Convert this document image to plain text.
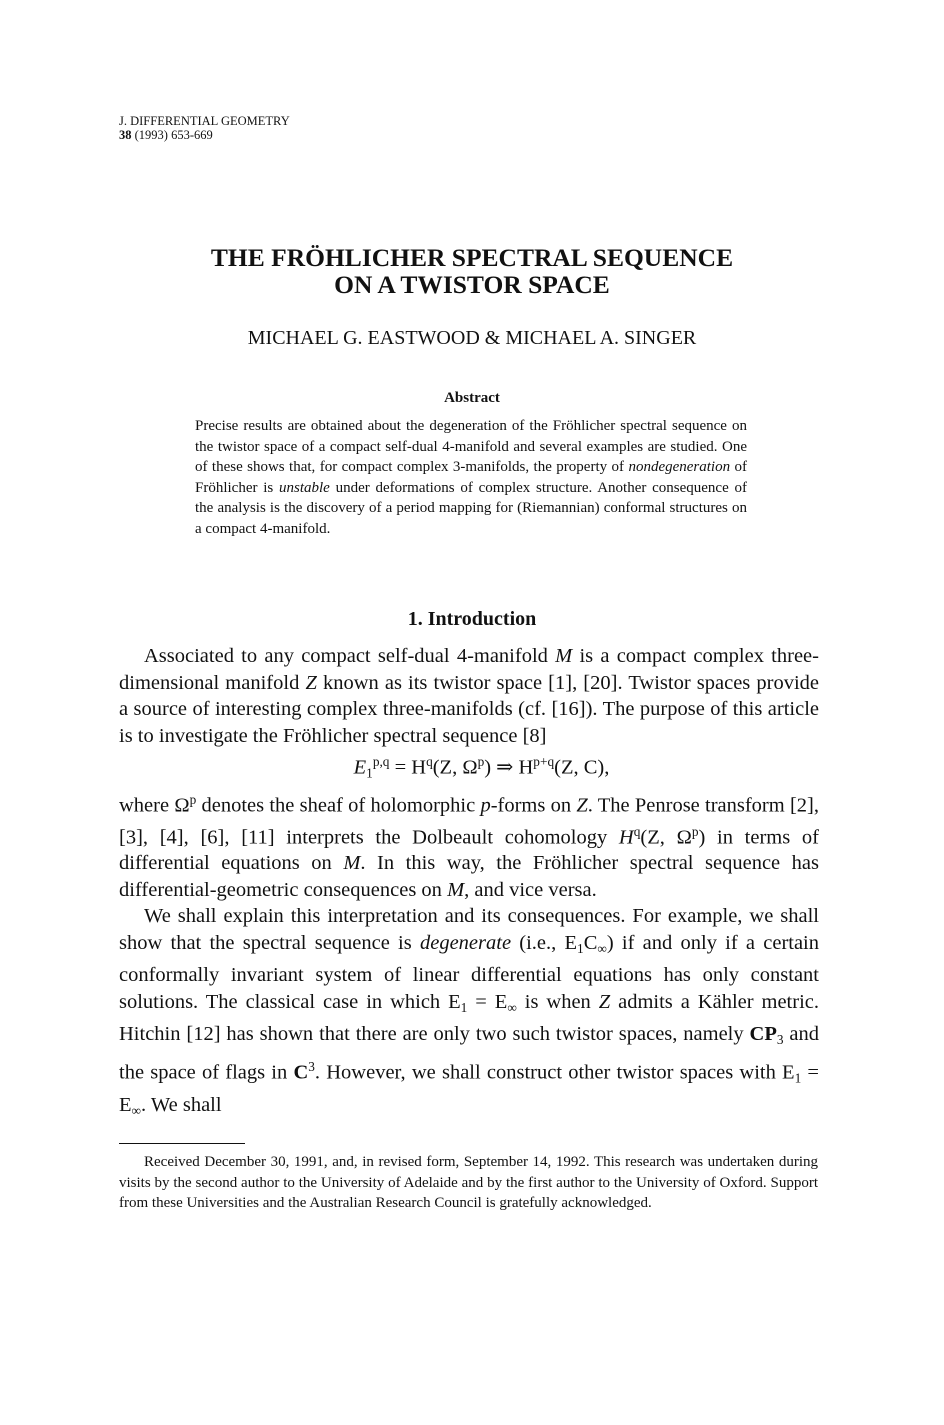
J. DIFFERENTIAL GEOMETRY
38 (1993) 653-669
THE FRÖHLICHER SPECTRAL SEQUENCE
ON A TWISTOR SPACE
MICHAEL G. EASTWOOD & MICHAEL A. SINGER
Abstract
Precise results are obtained about the degeneration of the Fröhlicher spectral sequence on the twistor space of a compact self-dual 4-manifold and several examples are studied. One of these shows that, for compact complex 3-manifolds, the property of nondegeneration of Fröhlicher is unstable under deformations of complex structure. Another consequence of the analysis is the discovery of a period mapping for (Riemannian) conformal structures on a compact 4-manifold.
1. Introduction

Associated to any compact self-dual 4-manifold M is a compact complex three-dimensional manifold Z known as its twistor space [1], [20]. Twistor spaces provide a source of interesting complex three-manifolds (cf. [16]). The purpose of this article is to investigate the Fröhlicher spectral sequence [8]

$E_1^{p,q} = H^q(Z$, $\Omega^p$) ⇒ $H^{p+q}(Z$, C),

where $\Omega^p$ denotes the sheaf of holomorphic p-forms on Z. The Penrose transform [2], [3], [4], [6], [11] interprets the Dolbeault cohomology $H^q(Z$, $\Omega^p$) in terms of differential equations on M. In this way, the Fröhlicher spectral sequence has differential-geometric consequences on M, and vice versa.

We shall explain this interpretation and its consequences. For example, we shall show that the spectral sequence is degenerate (i.e., $E_1C_\infty$) if and only if a certain conformally invariant system of linear differential equations has only constant solutions. The classical case in which $E_1 = E_\infty$ is when Z admits a Kähler metric. Hitchin [12] has shown that there are only two such twistor spaces, namely $CP_3$ and the space of flags in $C^3$. However, we shall construct other twistor spaces with $E_1 = E_\infty$. We shall

Received December 30, 1991, and, in revised form, September 14, 1992. This research was undertaken during visits by the second author to the University of Adelaide and by the first author to the University of Oxford. Support from these Universities and the Australian Research Council is gratefully acknowledged.
